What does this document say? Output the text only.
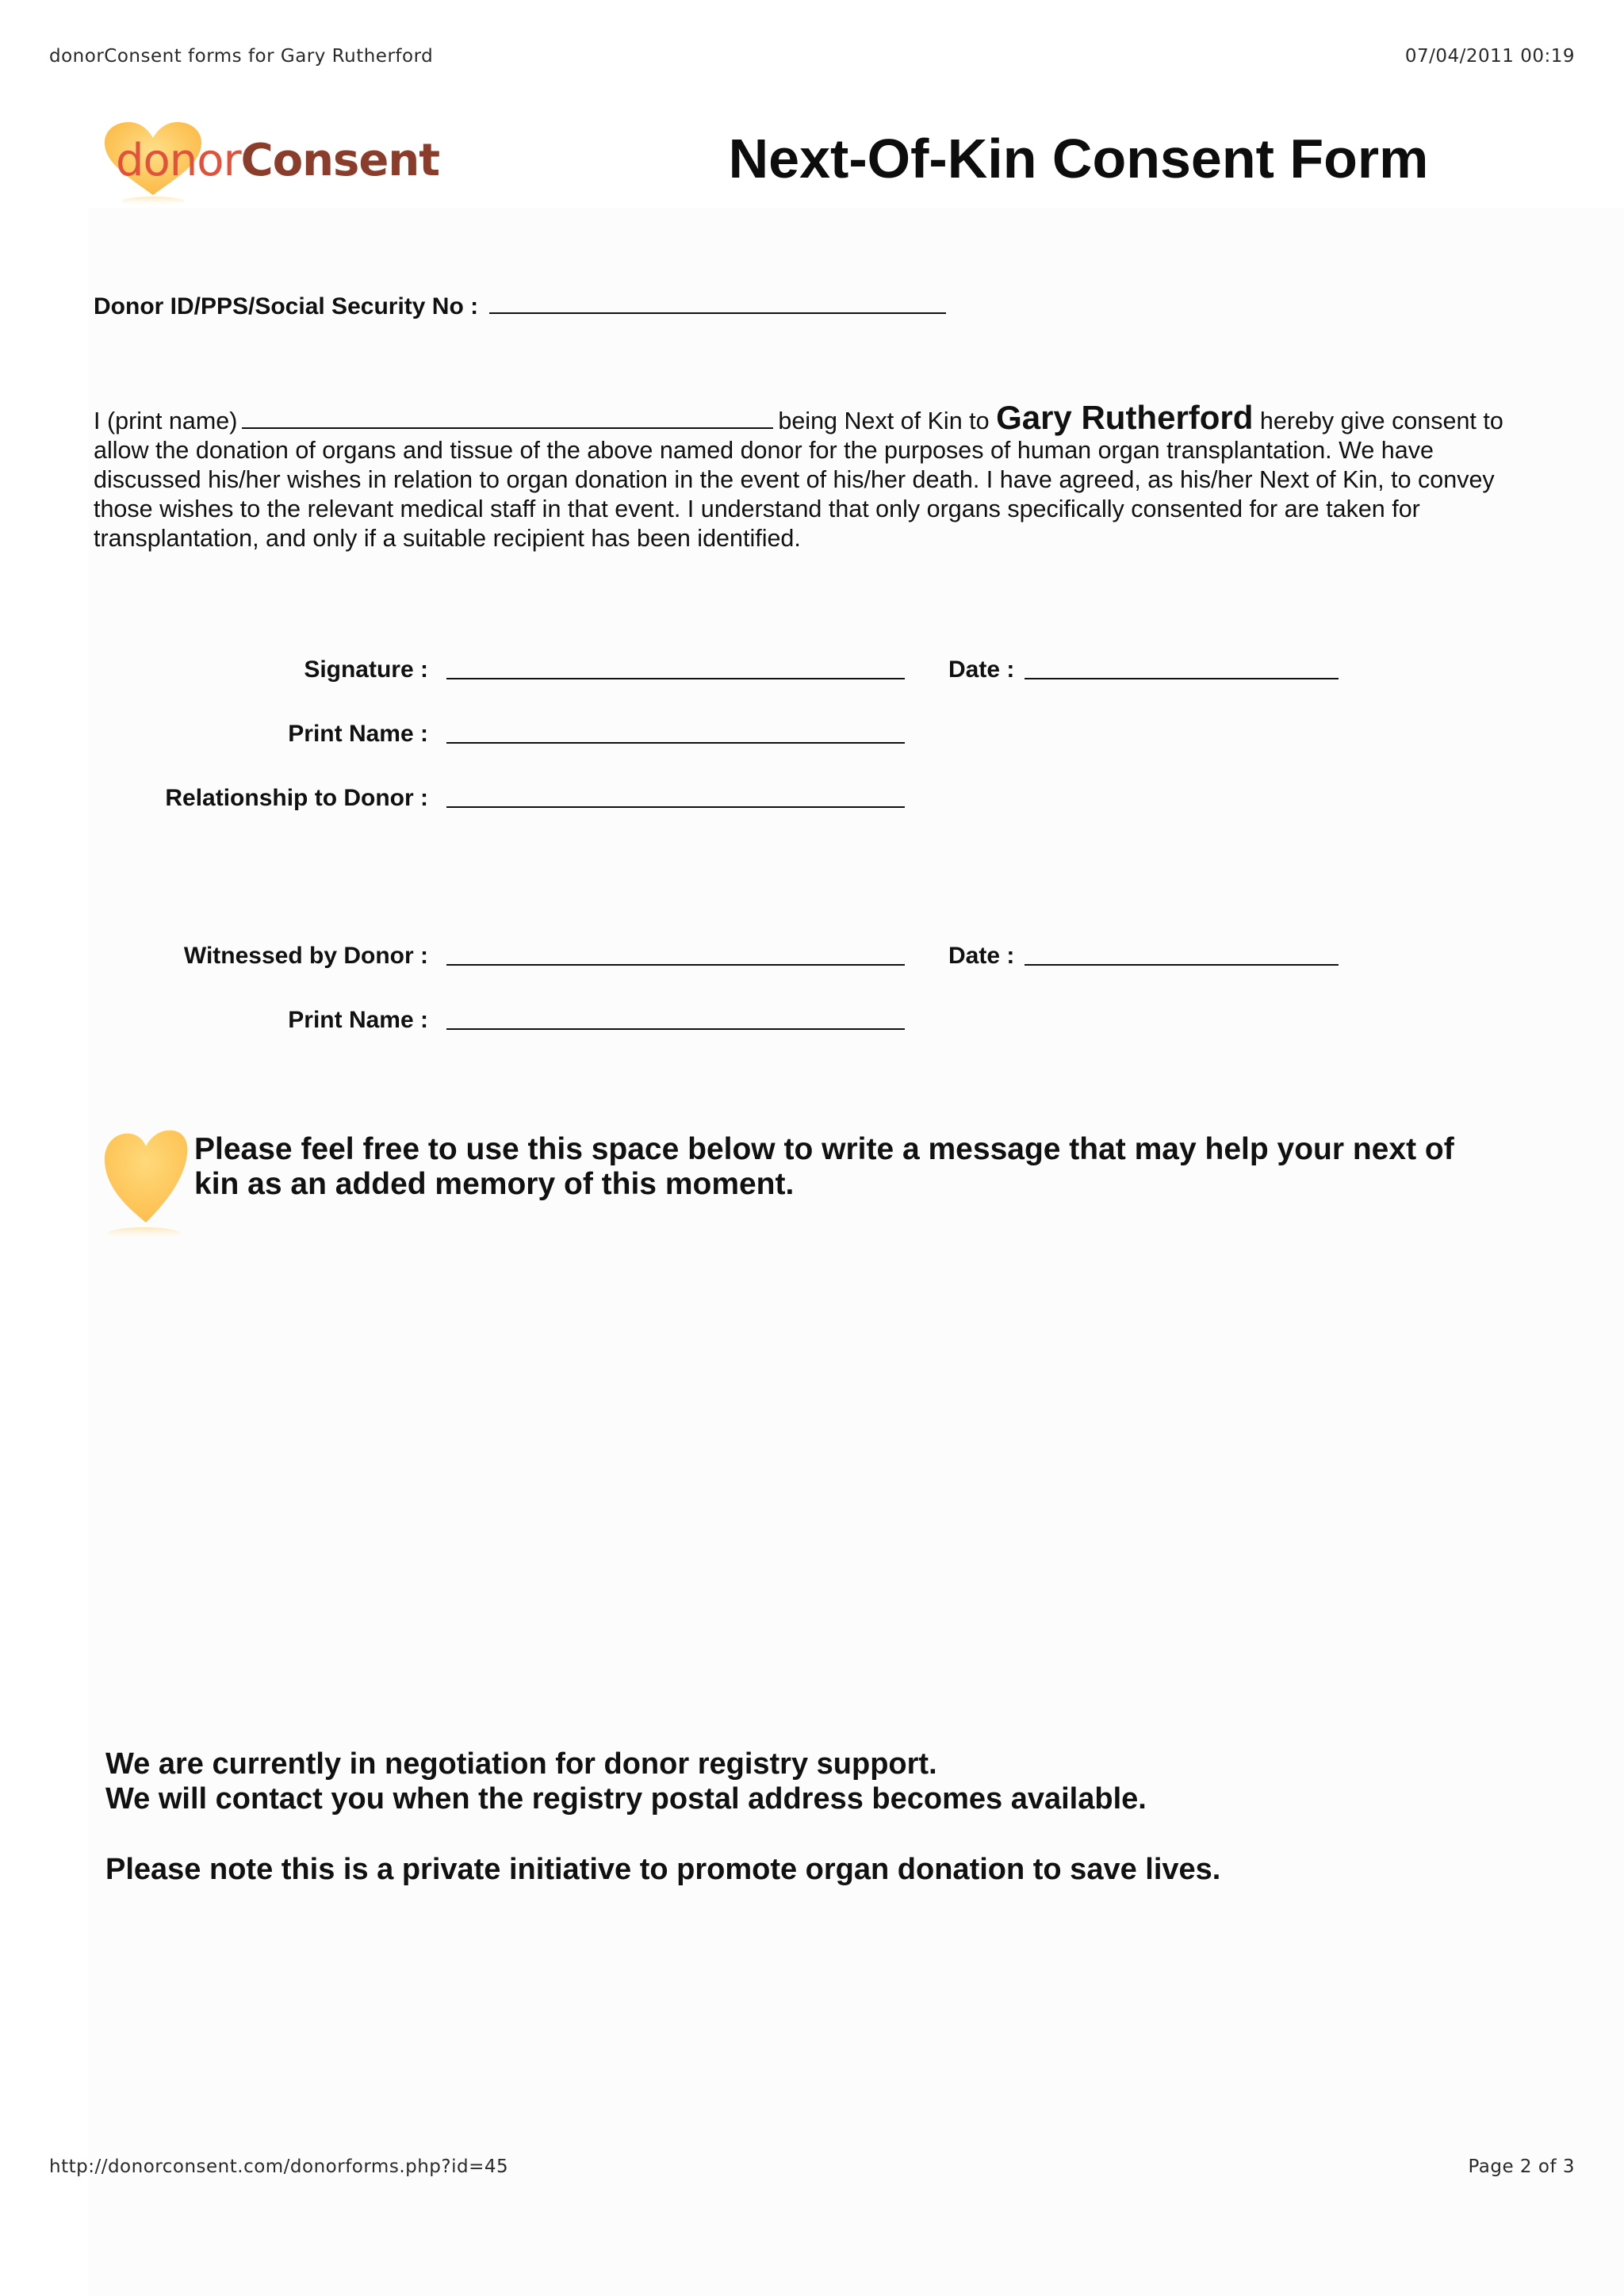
donorConsent forms for Gary Rutherford	07/04/2011 00:19
donorConsent	Next-Of-Kin Consent Form
Donor ID/PPS/Social Security No :
I (print name)	being Next of Kin to Gary Rutherford hereby give consent to allow the donation of organs and tissue of the above named donor for the purposes of human organ transplantation. We have discussed his/her wishes in relation to organ donation in the event of his/her death. I have agreed, as his/her Next of Kin, to convey those wishes to the relevant medical staff in that event. I understand that only organs specifically consented for are taken for transplantation, and only if a suitable recipient has been identified.
Signature :	Date :
Print Name :
Relationship to Donor :
Witnessed by Donor :	Date :
Print Name :
Please feel free to use this space below to write a message that may help your next of kin as an added memory of this moment.
We are currently in negotiation for donor registry support.
We will contact you when the registry postal address becomes available.
Please note this is a private initiative to promote organ donation to save lives.
http://donorconsent.com/donorforms.php?id=45	Page 2 of 3
